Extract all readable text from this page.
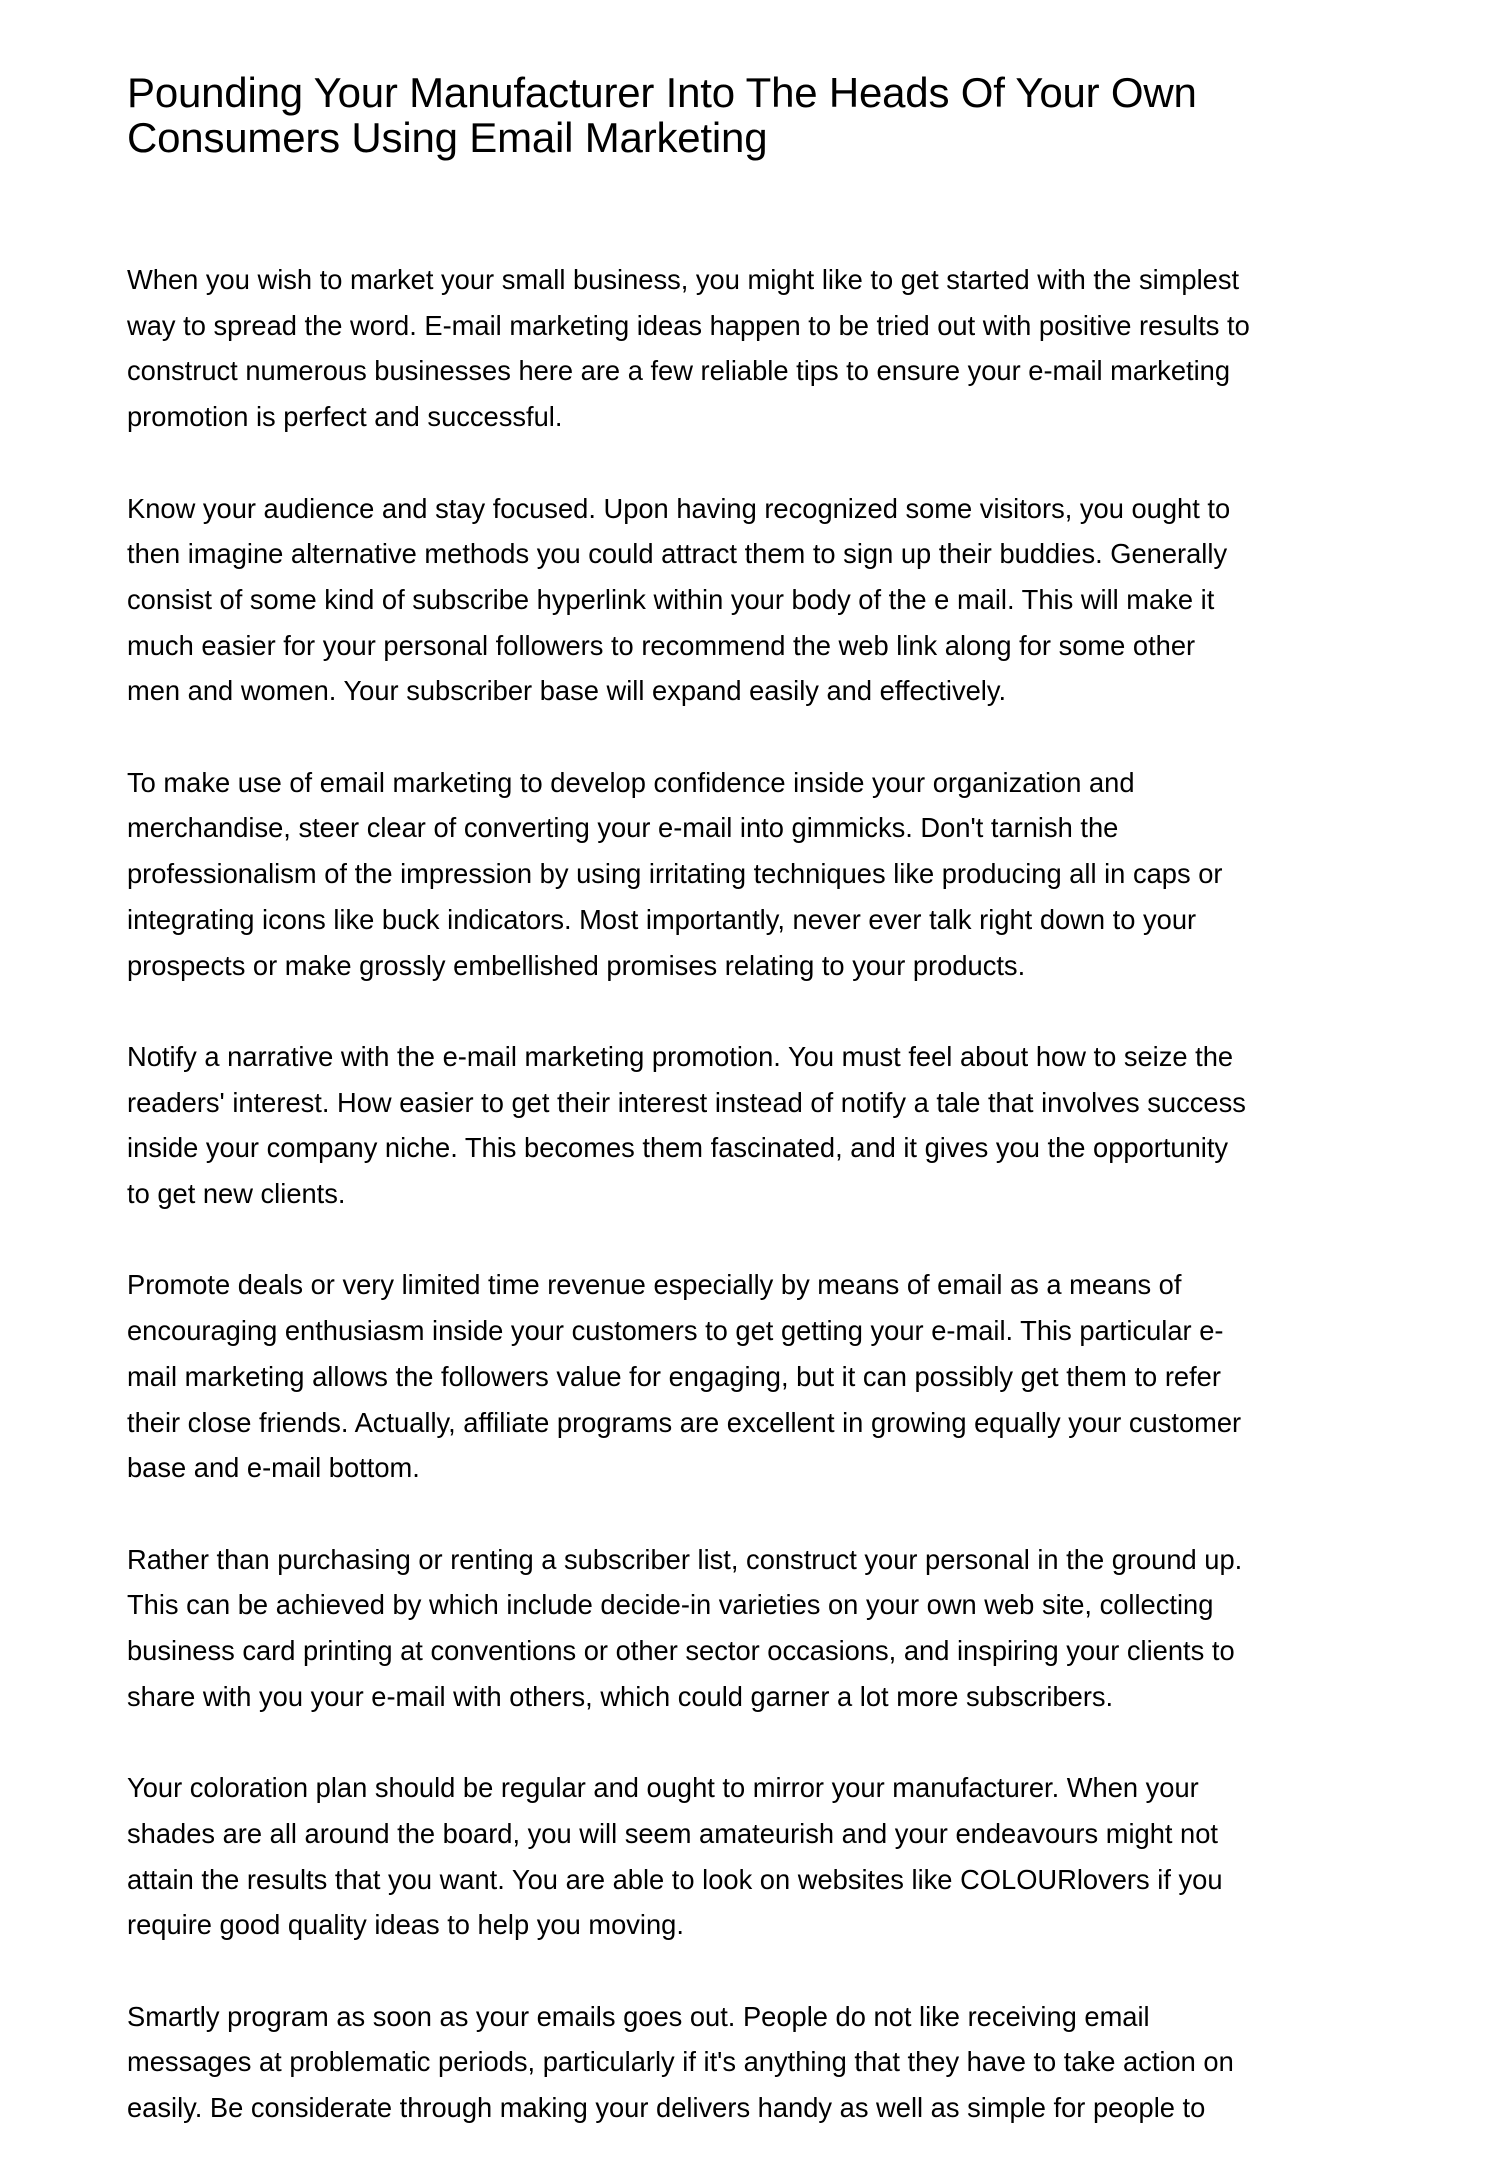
Pounding Your Manufacturer Into The Heads Of Your Own
Consumers Using Email Marketing

When you wish to market your small business, you might like to get started with the simplest
way to spread the word. E-mail marketing ideas happen to be tried out with positive results to
construct numerous businesses here are a few reliable tips to ensure your e-mail marketing
promotion is perfect and successful.

Know your audience and stay focused. Upon having recognized some visitors, you ought to
then imagine alternative methods you could attract them to sign up their buddies. Generally
consist of some kind of subscribe hyperlink within your body of the e mail. This will make it
much easier for your personal followers to recommend the web link along for some other
men and women. Your subscriber base will expand easily and effectively.

To make use of email marketing to develop confidence inside your organization and
merchandise, steer clear of converting your e-mail into gimmicks. Don't tarnish the
professionalism of the impression by using irritating techniques like producing all in caps or
integrating icons like buck indicators. Most importantly, never ever talk right down to your
prospects or make grossly embellished promises relating to your products.

Notify a narrative with the e-mail marketing promotion. You must feel about how to seize the
readers' interest. How easier to get their interest instead of notify a tale that involves success
inside your company niche. This becomes them fascinated, and it gives you the opportunity
to get new clients.

Promote deals or very limited time revenue especially by means of email as a means of
encouraging enthusiasm inside your customers to get getting your e-mail. This particular e-
mail marketing allows the followers value for engaging, but it can possibly get them to refer
their close friends. Actually, affiliate programs are excellent in growing equally your customer
base and e-mail bottom.

Rather than purchasing or renting a subscriber list, construct your personal in the ground up.
This can be achieved by which include decide-in varieties on your own web site, collecting
business card printing at conventions or other sector occasions, and inspiring your clients to
share with you your e-mail with others, which could garner a lot more subscribers.

Your coloration plan should be regular and ought to mirror your manufacturer. When your
shades are all around the board, you will seem amateurish and your endeavours might not
attain the results that you want. You are able to look on websites like COLOURlovers if you
require good quality ideas to help you moving.

Smartly program as soon as your emails goes out. People do not like receiving email
messages at problematic periods, particularly if it's anything that they have to take action on
easily. Be considerate through making your delivers handy as well as simple for people to
